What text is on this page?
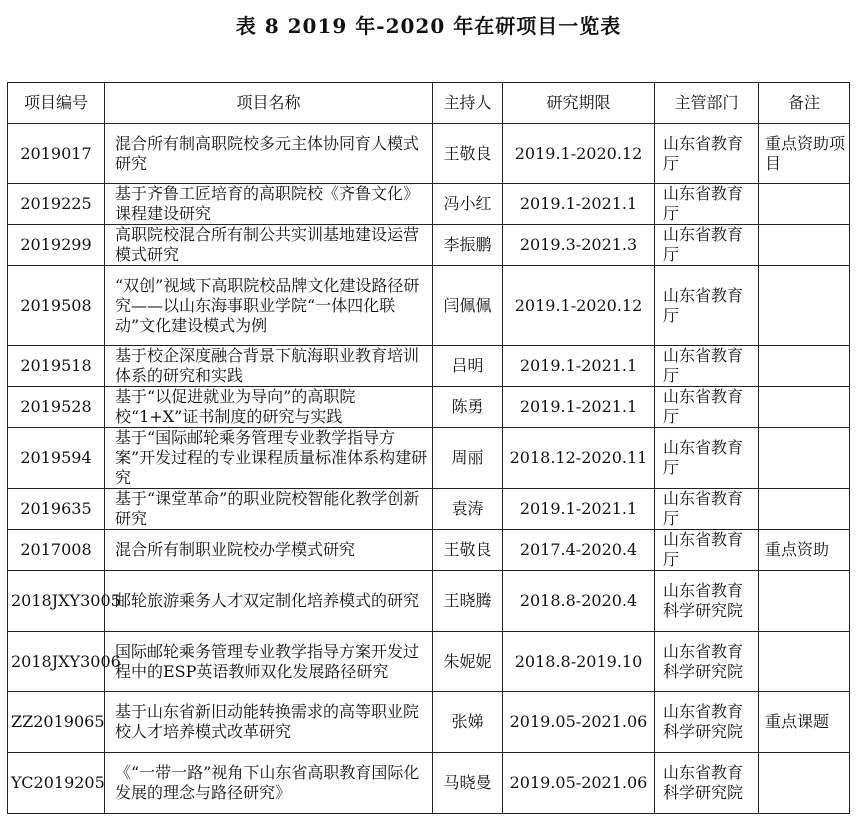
表 8 2019 年-2020 年在研项目一览表
项目编号	项目名称	主持人	研究期限	主管部门	备注
2019017	混合所有制高职院校多元主体协同育人模式研究	王敬良	2019.1-2020.12	山东省教育厅	重点资助项目
2019225	基于齐鲁工匠培育的高职院校《齐鲁文化》课程建设研究	冯小红	2019.1-2021.1	山东省教育厅	
2019299	高职院校混合所有制公共实训基地建设运营模式研究	李振鹏	2019.3-2021.3	山东省教育厅	
2019508	“双创”视域下高职院校品牌文化建设路径研究——以山东海事职业学院“一体四化联动”文化建设模式为例	闫佩佩	2019.1-2020.12	山东省教育厅	
2019518	基于校企深度融合背景下航海职业教育培训体系的研究和实践	吕明	2019.1-2021.1	山东省教育厅	
2019528	基于“以促进就业为导向”的高职院校“1+X”证书制度的研究与实践	陈勇	2019.1-2021.1	山东省教育厅	
2019594	基于“国际邮轮乘务管理专业教学指导方案”开发过程的专业课程质量标准体系构建研究	周丽	2018.12-2020.11	山东省教育厅	
2019635	基于“课堂革命”的职业院校智能化教学创新研究	袁涛	2019.1-2021.1	山东省教育厅	
2017008	混合所有制职业院校办学模式研究	王敬良	2017.4-2020.4	山东省教育厅	重点资助
2018JXY3005	邮轮旅游乘务人才双定制化培养模式的研究	王晓腾	2018.8-2020.4	山东省教育科学研究院	
2018JXY3006	国际邮轮乘务管理专业教学指导方案开发过程中的ESP英语教师双化发展路径研究	朱妮妮	2018.8-2019.10	山东省教育科学研究院	
ZZ2019065	基于山东省新旧动能转换需求的高等职业院校人才培养模式改革研究	张娣	2019.05-2021.06	山东省教育科学研究院	重点课题
YC2019205	《“一带一路”视角下山东省高职教育国际化发展的理念与路径研究》	马晓曼	2019.05-2021.06	山东省教育科学研究院	
